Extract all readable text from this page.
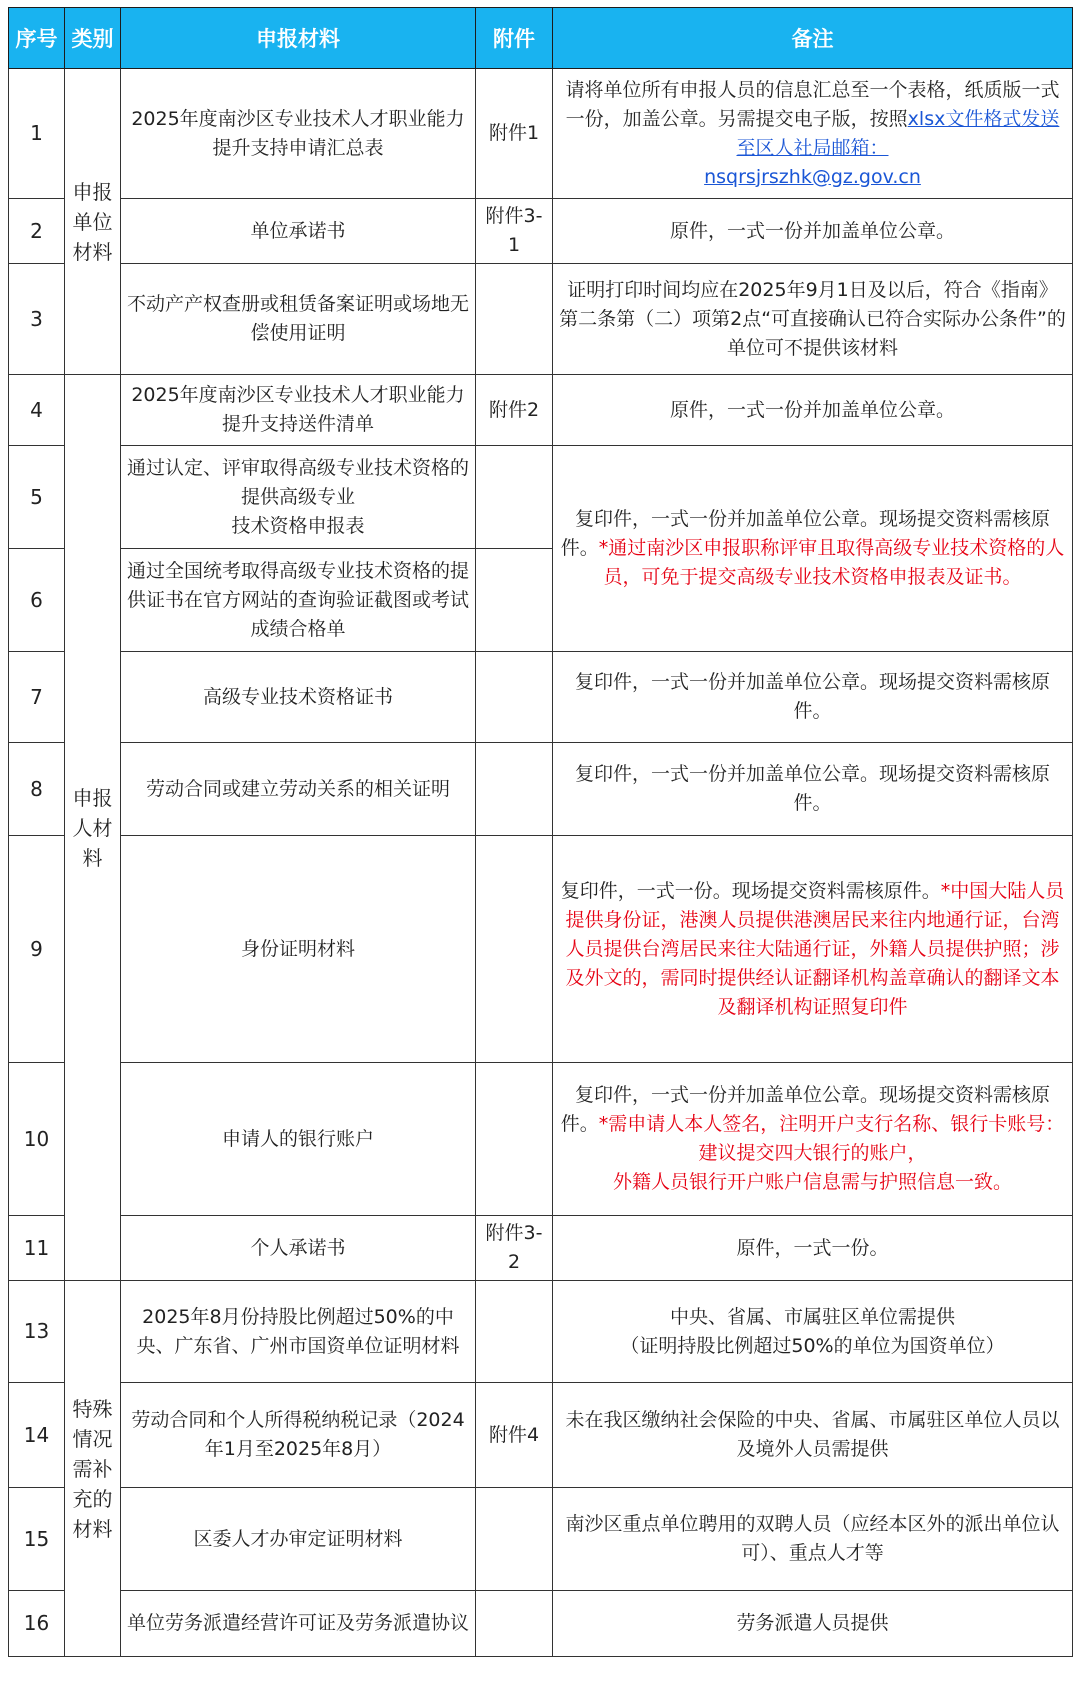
序号	类别	申报材料	附件	备注
1	申报单位材料	2025年度南沙区专业技术人才职业能力提升支持申请汇总表	附件1	请将单位所有申报人员的信息汇总至一个表格，纸质版一式一份，加盖公章。另需提交电子版，按照xlsx文件格式发送至区人社局邮箱：
nsqrsjrszhk@gz.gov.cn

2		单位承诺书	附件3-1	原件，一式一份并加盖单位公章。
3		不动产产权查册或租赁备案证明或场地无偿使用证明		证明打印时间均应在2025年9月1日及以后，符合《指南》第二条第（二）项第2点“可直接确认已符合实际办公条件”的单位可不提供该材料
4	申报人材料	2025年度南沙区专业技术人才职业能力提升支持送件清单	附件2	原件，一式一份并加盖单位公章。
5		通过认定、评审取得高级专业技术资格的提供高级专业
技术资格申报表		复印件，一式一份并加盖单位公章。现场提交资料需核原件。*通过南沙区申报职称评审且取得高级专业技术资格的人员，可免于提交高级专业技术资格申报表及证书。
6		通过全国统考取得高级专业技术资格的提供证书在官方网站的查询验证截图或考试成绩合格单		
7		高级专业技术资格证书		复印件，一式一份并加盖单位公章。现场提交资料需核原件。
8		劳动合同或建立劳动关系的相关证明		复印件，一式一份并加盖单位公章。现场提交资料需核原件。
9		身份证明材料		复印件，一式一份。现场提交资料需核原件。*中国大陆人员提供身份证，港澳人员提供港澳居民来往内地通行证，台湾人员提供台湾居民来往大陆通行证，外籍人员提供护照；涉及外文的，需同时提供经认证翻译机构盖章确认的翻译文本及翻译机构证照复印件
10		申请人的银行账户		复印件，一式一份并加盖单位公章。现场提交资料需核原件。*需申请人本人签名，注明开户支行名称、银行卡账号：建议提交四大银行的账户，
外籍人员银行开户账户信息需与护照信息一致。

11		个人承诺书	附件3-2	原件，一式一份。
13	特殊情况需补充的材料	2025年8月份持股比例超过50%的中央、广东省、广州市国资单位证明材料		中央、省属、市属驻区单位需提供
（证明持股比例超过50%的单位为国资单位）

14		劳动合同和个人所得税纳税记录（2024年1月至2025年8月）	附件4	未在我区缴纳社会保险的中央、省属、市属驻区单位人员以及境外人员需提供
15		区委人才办审定证明材料		南沙区重点单位聘用的双聘人员（应经本区外的派出单位认可）、重点人才等
16		单位劳务派遣经营许可证及劳务派遣协议		劳务派遣人员提供
